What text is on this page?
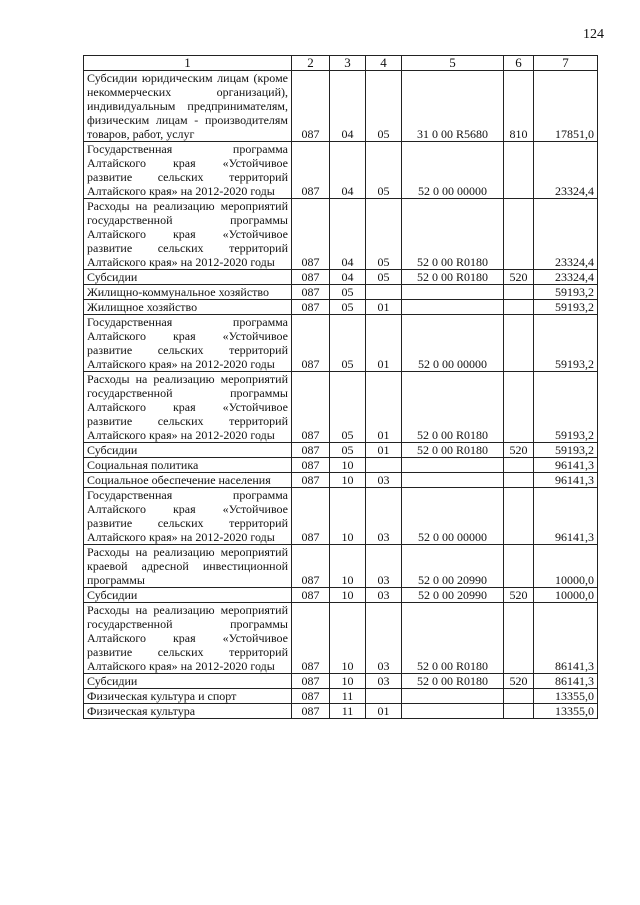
124
1	2	3	4	5	6	7
Субсидии юридическим лицам (кроме некоммерческих организаций), индивидуальным предпринимателям, физическим лицам - производителям товаров, работ, услуг	087	04	05	31 0 00 R5680	810	17851,0
Государственная программа Алтайского края «Устойчивое развитие сельских территорий Алтайского края» на 2012-2020 годы	087	04	05	52 0 00 00000		23324,4
Расходы на реализацию мероприятий государственной программы Алтайского края «Устойчивое развитие сельских территорий Алтайского края» на 2012-2020 годы	087	04	05	52 0 00 R0180		23324,4
Субсидии	087	04	05	52 0 00 R0180	520	23324,4
Жилищно-коммунальное хозяйство	087	05				59193,2
Жилищное хозяйство	087	05	01			59193,2
Государственная программа Алтайского края «Устойчивое развитие сельских территорий Алтайского края» на 2012-2020 годы	087	05	01	52 0 00 00000		59193,2
Расходы на реализацию мероприятий государственной программы Алтайского края «Устойчивое развитие сельских территорий Алтайского края» на 2012-2020 годы	087	05	01	52 0 00 R0180		59193,2
Субсидии	087	05	01	52 0 00 R0180	520	59193,2
Социальная политика	087	10				96141,3
Социальное обеспечение населения	087	10	03			96141,3
Государственная программа Алтайского края «Устойчивое развитие сельских территорий Алтайского края» на 2012-2020 годы	087	10	03	52 0 00 00000		96141,3
Расходы на реализацию мероприятий краевой адресной инвестиционной программы	087	10	03	52 0 00 20990		10000,0
Субсидии	087	10	03	52 0 00 20990	520	10000,0
Расходы на реализацию мероприятий государственной программы Алтайского края «Устойчивое развитие сельских территорий Алтайского края» на 2012-2020 годы	087	10	03	52 0 00 R0180		86141,3
Субсидии	087	10	03	52 0 00 R0180	520	86141,3
Физическая культура и спорт	087	11				13355,0
Физическая культура	087	11	01			13355,0
